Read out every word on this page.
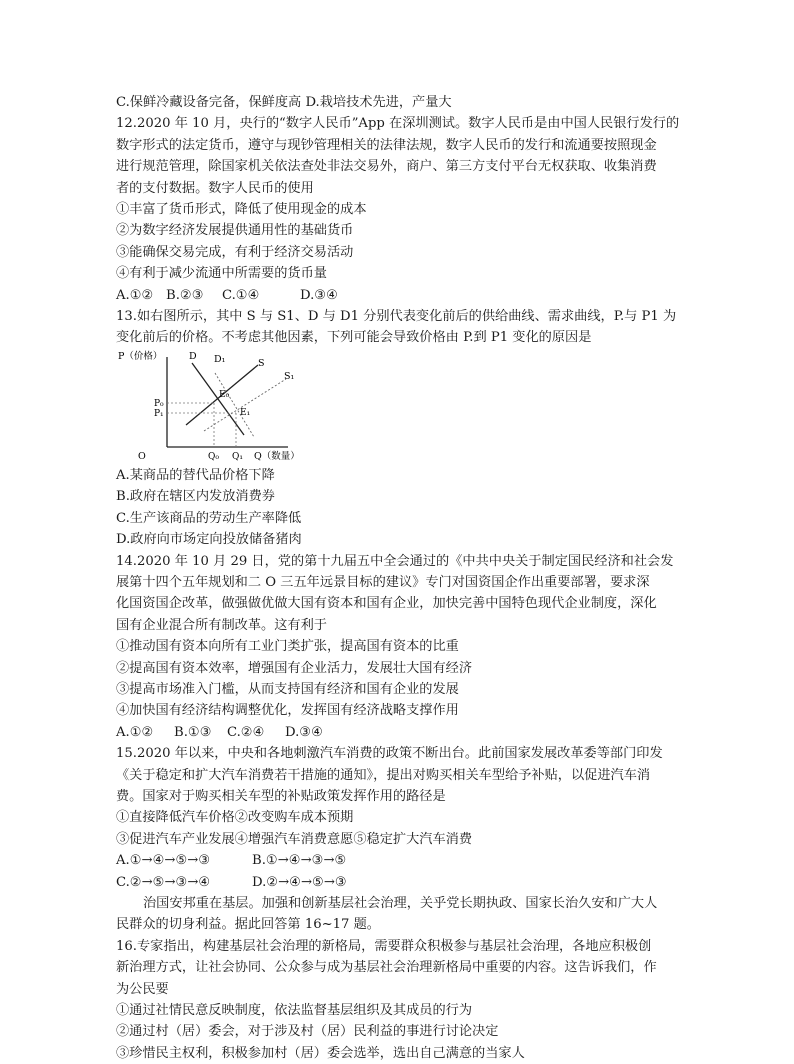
C.保鲜冷藏设备完备，保鲜度高 D.栽培技术先进，产量大
12.2020 年 10 月，央行的“数字人民币”App 在深圳测试。数字人民币是由中国人民银行发行的
数字形式的法定货币，遵守与现钞管理相关的法律法规，数字人民币的发行和流通要按照现金
进行规范管理，除国家机关依法查处非法交易外，商户、第三方支付平台无权获取、收集消费
者的支付数据。数字人民币的使用
①丰富了货币形式，降低了使用现金的成本
②为数字经济发展提供通用性的基础货币
③能确保交易完成，有利于经济交易活动
④有利于减少流通中所需要的货币量
A.①② B.②③ C.①④	D.③④
13.如右图所示，其中 S 与 S1、D 与 D1 分别代表变化前后的供给曲线、需求曲线，P.与 P1 为
变化前后的价格。不考虑其他因素，下列可能会导致价格由 P.到 P1 变化的原因是
P（价格）	D D₁	S
S₁
E₀
E₁
P₀
P₁
O	Q₀ Q₁ Q（数量）
A.某商品的替代品价格下降
B.政府在辖区内发放消费券
C.生产该商品的劳动生产率降低
D.政府向市场定向投放储备猪肉
14.2020 年 10 月 29 日，党的第十九届五中全会通过的《中共中央关于制定国民经济和社会发
展第十四个五年规划和二 O 三五年远景目标的建议》专门对国资国企作出重要部署，要求深
化国资国企改革，做强做优做大国有资本和国有企业，加快完善中国特色现代企业制度，深化
国有企业混合所有制改革。这有利于
①推动国有资本向所有工业门类扩张，提高国有资本的比重
②提高国有资本效率，增强国有企业活力，发展壮大国有经济
③提高市场准入门槛，从而支持国有经济和国有企业的发展
④加快国有经济结构调整优化，发挥国有经济战略支撑作用
A.①② B.①③ C.②④ D.③④
15.2020 年以来，中央和各地刺激汽车消费的政策不断出台。此前国家发展改革委等部门印发
《关于稳定和扩大汽车消费若干措施的通知》，提出对购买相关车型给予补贴，以促进汽车消
费。国家对于购买相关车型的补贴政策发挥作用的路径是
①直接降低汽车价格②改变购车成本预期
③促进汽车产业发展④增强汽车消费意愿⑤稳定扩大汽车消费
A.①→④→⑤→③	B.①→④→③→⑤
C.②→⑤→③→④	D.②→④→⑤→③
治国安邦重在基层。加强和创新基层社会治理，关乎党长期执政、国家长治久安和广大人
民群众的切身利益。据此回答第 16~17 题。
16.专家指出，构建基层社会治理的新格局，需要群众积极参与基层社会治理，各地应积极创
新治理方式，让社会协同、公众参与成为基层社会治理新格局中重要的内容。这告诉我们，作
为公民要
①通过社情民意反映制度，依法监督基层组织及其成员的行为
②通过村（居）委会，对于涉及村（居）民利益的事进行讨论决定
③珍惜民主权利，积极参加村（居）委会选举，选出自己满意的当家人
